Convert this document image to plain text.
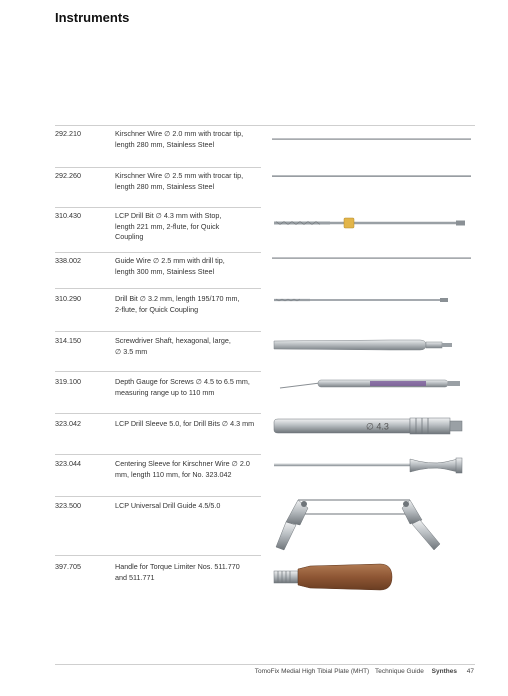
Instruments
292.210	Kirschner Wire ∅ 2.0 mm with trocar tip,
length 280 mm, Stainless Steel
292.260	Kirschner Wire ∅ 2.5 mm with trocar tip,
length 280 mm, Stainless Steel
310.430	LCP Drill Bit ∅ 4.3 mm with Stop,
length 221 mm, 2-flute, for Quick
Coupling
338.002	Guide Wire ∅ 2.5 mm with drill tip,
length 300 mm, Stainless Steel
310.290	Drill Bit ∅ 3.2 mm, length 195/170 mm,
2-flute, for Quick Coupling
314.150	Screwdriver Shaft, hexagonal, large,
∅ 3.5 mm
319.100	Depth Gauge for Screws ∅ 4.5 to 6.5 mm,
measuring range up to 110 mm
323.042	LCP Drill Sleeve 5.0, for Drill Bits ∅ 4.3 mm	∅ 4.3
323.044	Centering Sleeve for Kirschner Wire ∅ 2.0
mm, length 110 mm, for No. 323.042
323.500	LCP Universal Drill Guide 4.5/5.0
397.705	Handle for Torque Limiter Nos. 511.770
and 511.771
TomoFix Medial High Tibial Plate (MHT) Technique Guide Synthes 47
